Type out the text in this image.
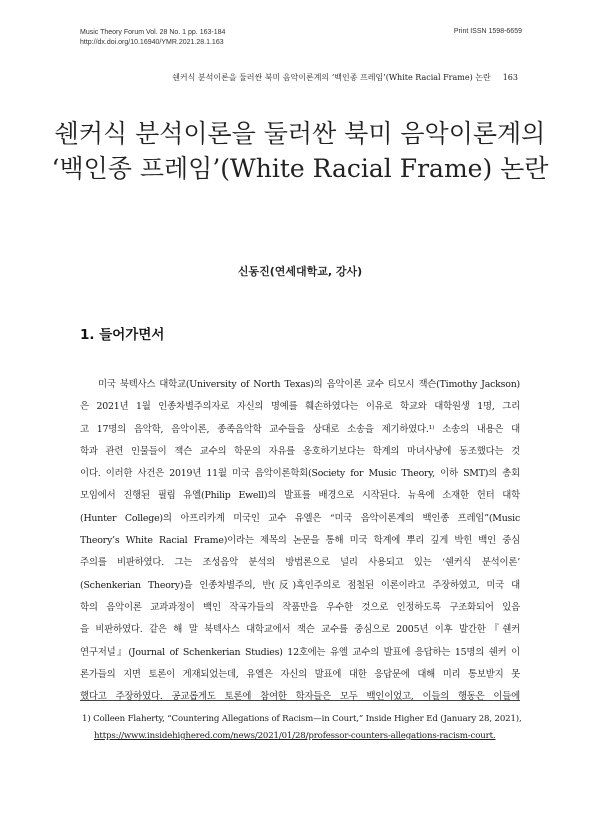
Music Theory Forum Vol. 28 No. 1 pp. 163-184
http://dx.doi.org/10.16940/YMR.2021.28.1.163
Print ISSN 1598-6659
쉔커식 분석이론을 둘러싼 북미 음악이론계의 ‘백인종 프레임’(White Racial Frame) 논란 163
쉔커식 분석이론을 둘러싼 북미 음악이론계의
‘백인종 프레임’(White Racial Frame) 논란
신동진(연세대학교, 강사)
1. 들어가면서
미국 북텍사스 대학교(University of North Texas)의 음악이론 교수 티모시 잭슨(Timothy Jackson)
은 2021년 1월 인종차별주의자로 자신의 명예를 훼손하였다는 이유로 학교와 대학원생 1명, 그리
고 17명의 음악학, 음악이론, 종족음악학 교수들을 상대로 소송을 제기하였다.¹⁾ 소송의 내용은 대
학과 관련 인물들이 잭슨 교수의 학문의 자유를 옹호하기보다는 학계의 마녀사냥에 동조했다는 것
이다. 이러한 사건은 2019년 11월 미국 음악이론학회(Society for Music Theory, 이하 SMT)의 총회
모임에서 진행된 필립 유엘(Philip Ewell)의 발표를 배경으로 시작된다. 뉴욕에 소재한 헌터 대학
(Hunter College)의 아프리카계 미국인 교수 유엘은 “미국 음악이론계의 백인종 프레임”(Music
Theory’s White Racial Frame)이라는 제목의 논문을 통해 미국 학계에 뿌리 깊게 박힌 백인 중심
주의를 비판하였다. 그는 조성음악 분석의 방법론으로 널리 사용되고 있는 ‘쉔커식 분석이론’
(Schenkerian Theory)을 인종차별주의, 반(反)흑인주의로 점철된 이론이라고 주장하였고, 미국 대
학의 음악이론 교과과정이 백인 작곡가들의 작품만을 우수한 것으로 인정하도록 구조화되어 있음
을 비판하였다. 같은 해 말 북텍사스 대학교에서 잭슨 교수를 중심으로 2005년 이후 발간한『쉔커
연구저널』(Journal of Schenkerian Studies) 12호에는 유엘 교수의 발표에 응답하는 15명의 쉔커 이
론가들의 지면 토론이 게재되었는데, 유엘은 자신의 발표에 대한 응답문에 대해 미리 통보받지 못
했다고 주장하였다. 공교롭게도 토론에 참여한 학자들은 모두 백인이었고, 이들의 행동은 이들에
1) Colleen Flaherty, “Countering Allegations of Racism—in Court,” Inside Higher Ed (January 28, 2021),
https://www.insidehighered.com/news/2021/01/28/professor-counters-allegations-racism-court.
